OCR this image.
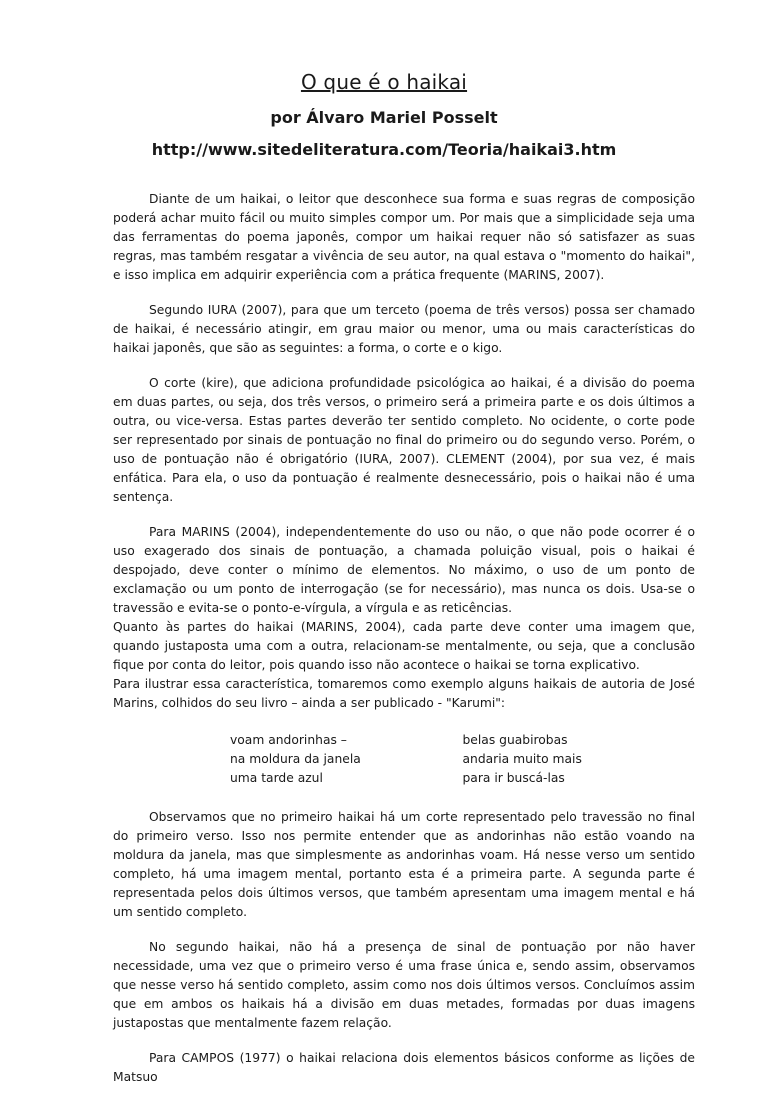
O que é o haikai
por Álvaro Mariel Posselt
http://www.sitedeliteratura.com/Teoria/haikai3.htm

Diante de um haikai, o leitor que desconhece sua forma e suas regras de composição poderá achar muito fácil ou muito simples compor um. Por mais que a simplicidade seja uma das ferramentas do poema japonês, compor um haikai requer não só satisfazer as suas regras, mas também resgatar a vivência de seu autor, na qual estava o "momento do haikai", e isso implica em adquirir experiência com a prática frequente (MARINS, 2007).

Segundo IURA (2007), para que um terceto (poema de três versos) possa ser chamado de haikai, é necessário atingir, em grau maior ou menor, uma ou mais características do haikai japonês, que são as seguintes: a forma, o corte e o kigo.

O corte (kire), que adiciona profundidade psicológica ao haikai, é a divisão do poema em duas partes, ou seja, dos três versos, o primeiro será a primeira parte e os dois últimos a outra, ou vice-versa. Estas partes deverão ter sentido completo. No ocidente, o corte pode ser representado por sinais de pontuação no final do primeiro ou do segundo verso. Porém, o uso de pontuação não é obrigatório (IURA, 2007). CLEMENT (2004), por sua vez, é mais enfática. Para ela, o uso da pontuação é realmente desnecessário, pois o haikai não é uma sentença.

Para MARINS (2004), independentemente do uso ou não, o que não pode ocorrer é o uso exagerado dos sinais de pontuação, a chamada poluição visual, pois o haikai é despojado, deve conter o mínimo de elementos. No máximo, o uso de um ponto de exclamação ou um ponto de interrogação (se for necessário), mas nunca os dois. Usa-se o travessão e evita-se o ponto-e-vírgula, a vírgula e as reticências.

Quanto às partes do haikai (MARINS, 2004), cada parte deve conter uma imagem que, quando justaposta uma com a outra, relacionam-se mentalmente, ou seja, que a conclusão fique por conta do leitor, pois quando isso não acontece o haikai se torna explicativo.

Para ilustrar essa característica, tomaremos como exemplo alguns haikais de autoria de José Marins, colhidos do seu livro – ainda a ser publicado - "Karumi":

voam andorinhas –
na moldura da janela
uma tarde azul
belas guabirobas
andaria muito mais
para ir buscá-las

Observamos que no primeiro haikai há um corte representado pelo travessão no final do primeiro verso. Isso nos permite entender que as andorinhas não estão voando na moldura da janela, mas que simplesmente as andorinhas voam. Há nesse verso um sentido completo, há uma imagem mental, portanto esta é a primeira parte. A segunda parte é representada pelos dois últimos versos, que também apresentam uma imagem mental e há um sentido completo.

No segundo haikai, não há a presença de sinal de pontuação por não haver necessidade, uma vez que o primeiro verso é uma frase única e, sendo assim, observamos que nesse verso há sentido completo, assim como nos dois últimos versos. Concluímos assim que em ambos os haikais há a divisão em duas metades, formadas por duas imagens justapostas que mentalmente fazem relação.

Para CAMPOS (1977) o haikai relaciona dois elementos básicos conforme as lições de Matsuo
